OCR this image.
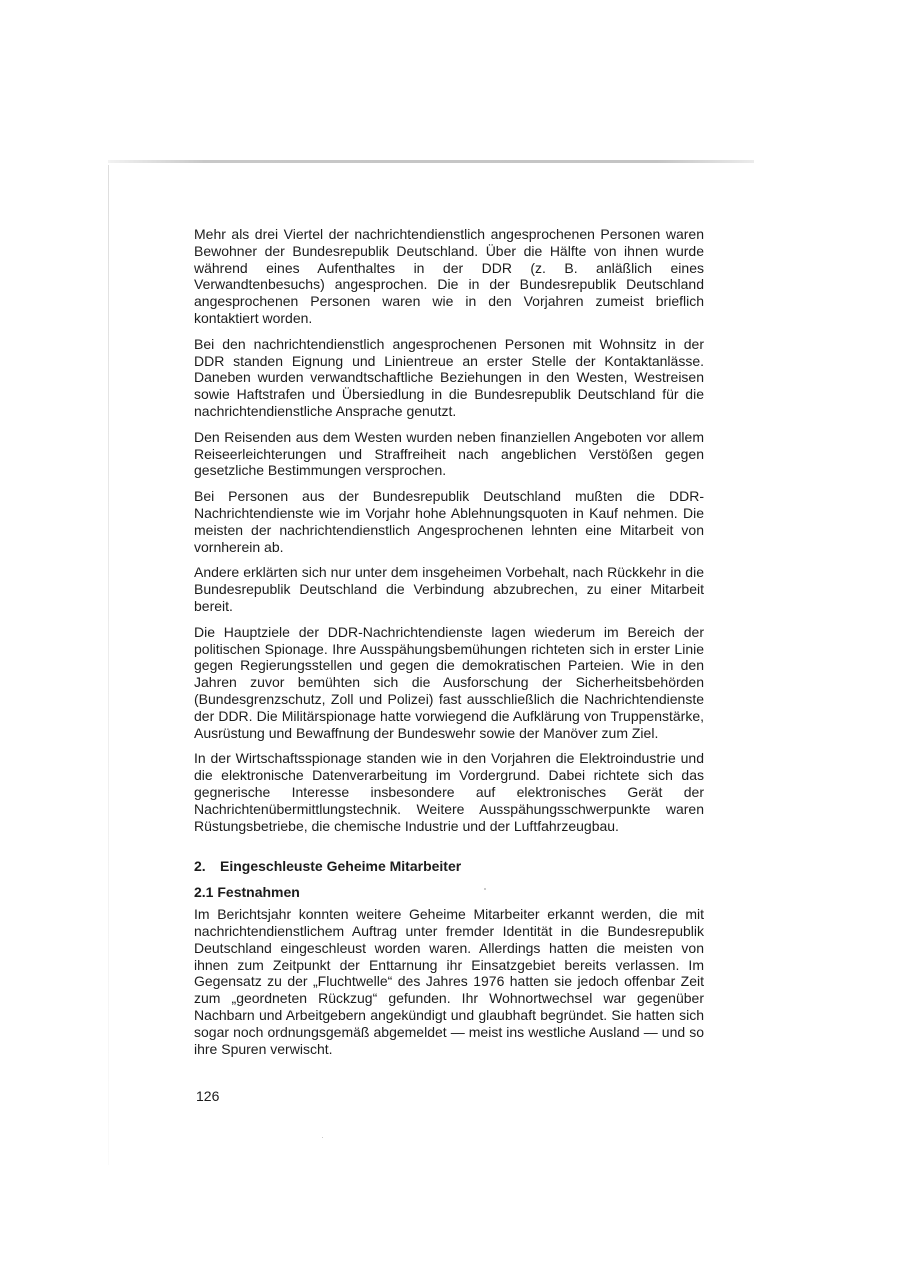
Mehr als drei Viertel der nachrichtendienstlich angesprochenen Personen waren Bewohner der Bundesrepublik Deutschland. Über die Hälfte von ihnen wurde während eines Aufenthaltes in der DDR (z. B. anläßlich eines Verwandtenbesuchs) angesprochen. Die in der Bundesrepublik Deutschland angesprochenen Personen waren wie in den Vorjahren zumeist brieflich kontaktiert worden.

Bei den nachrichtendienstlich angesprochenen Personen mit Wohnsitz in der DDR standen Eignung und Linientreue an erster Stelle der Kontaktanlässe. Daneben wurden verwandtschaftliche Beziehungen in den Westen, Westreisen sowie Haftstrafen und Übersiedlung in die Bundesrepublik Deutschland für die nachrichtendienstliche Ansprache genutzt.

Den Reisenden aus dem Westen wurden neben finanziellen Angeboten vor allem Reiseerleichterungen und Straffreiheit nach angeblichen Verstößen gegen gesetzliche Bestimmungen versprochen.

Bei Personen aus der Bundesrepublik Deutschland mußten die DDR-Nachrichtendienste wie im Vorjahr hohe Ablehnungsquoten in Kauf nehmen. Die meisten der nachrichtendienstlich Angesprochenen lehnten eine Mitarbeit von vornherein ab.

Andere erklärten sich nur unter dem insgeheimen Vorbehalt, nach Rückkehr in die Bundesrepublik Deutschland die Verbindung abzubrechen, zu einer Mitarbeit bereit.

Die Hauptziele der DDR-Nachrichtendienste lagen wiederum im Bereich der politischen Spionage. Ihre Ausspähungsbemühungen richteten sich in erster Linie gegen Regierungsstellen und gegen die demokratischen Parteien. Wie in den Jahren zuvor bemühten sich die Ausforschung der Sicherheitsbehörden (Bundesgrenzschutz, Zoll und Polizei) fast ausschließlich die Nachrichtendienste der DDR. Die Militärspionage hatte vorwiegend die Aufklärung von Truppenstärke, Ausrüstung und Bewaffnung der Bundeswehr sowie der Manöver zum Ziel.

In der Wirtschaftsspionage standen wie in den Vorjahren die Elektroindustrie und die elektronische Datenverarbeitung im Vordergrund. Dabei richtete sich das gegnerische Interesse insbesondere auf elektronisches Gerät der Nachrichtenübermittlungstechnik. Weitere Ausspähungsschwerpunkte waren Rüstungsbetriebe, die chemische Industrie und der Luftfahrzeugbau.

2. Eingeschleuste Geheime Mitarbeiter
2.1 Festnahmen

Im Berichtsjahr konnten weitere Geheime Mitarbeiter erkannt werden, die mit nachrichtendienstlichem Auftrag unter fremder Identität in die Bundesrepublik Deutschland eingeschleust worden waren. Allerdings hatten die meisten von ihnen zum Zeitpunkt der Enttarnung ihr Einsatzgebiet bereits verlassen. Im Gegensatz zu der „Fluchtwelle“ des Jahres 1976 hatten sie jedoch offenbar Zeit zum „geordneten Rückzug“ gefunden. Ihr Wohnortwechsel war gegenüber Nachbarn und Arbeitgebern angekündigt und glaubhaft begründet. Sie hatten sich sogar noch ordnungsgemäß abgemeldet — meist ins westliche Ausland — und so ihre Spuren verwischt.

126
